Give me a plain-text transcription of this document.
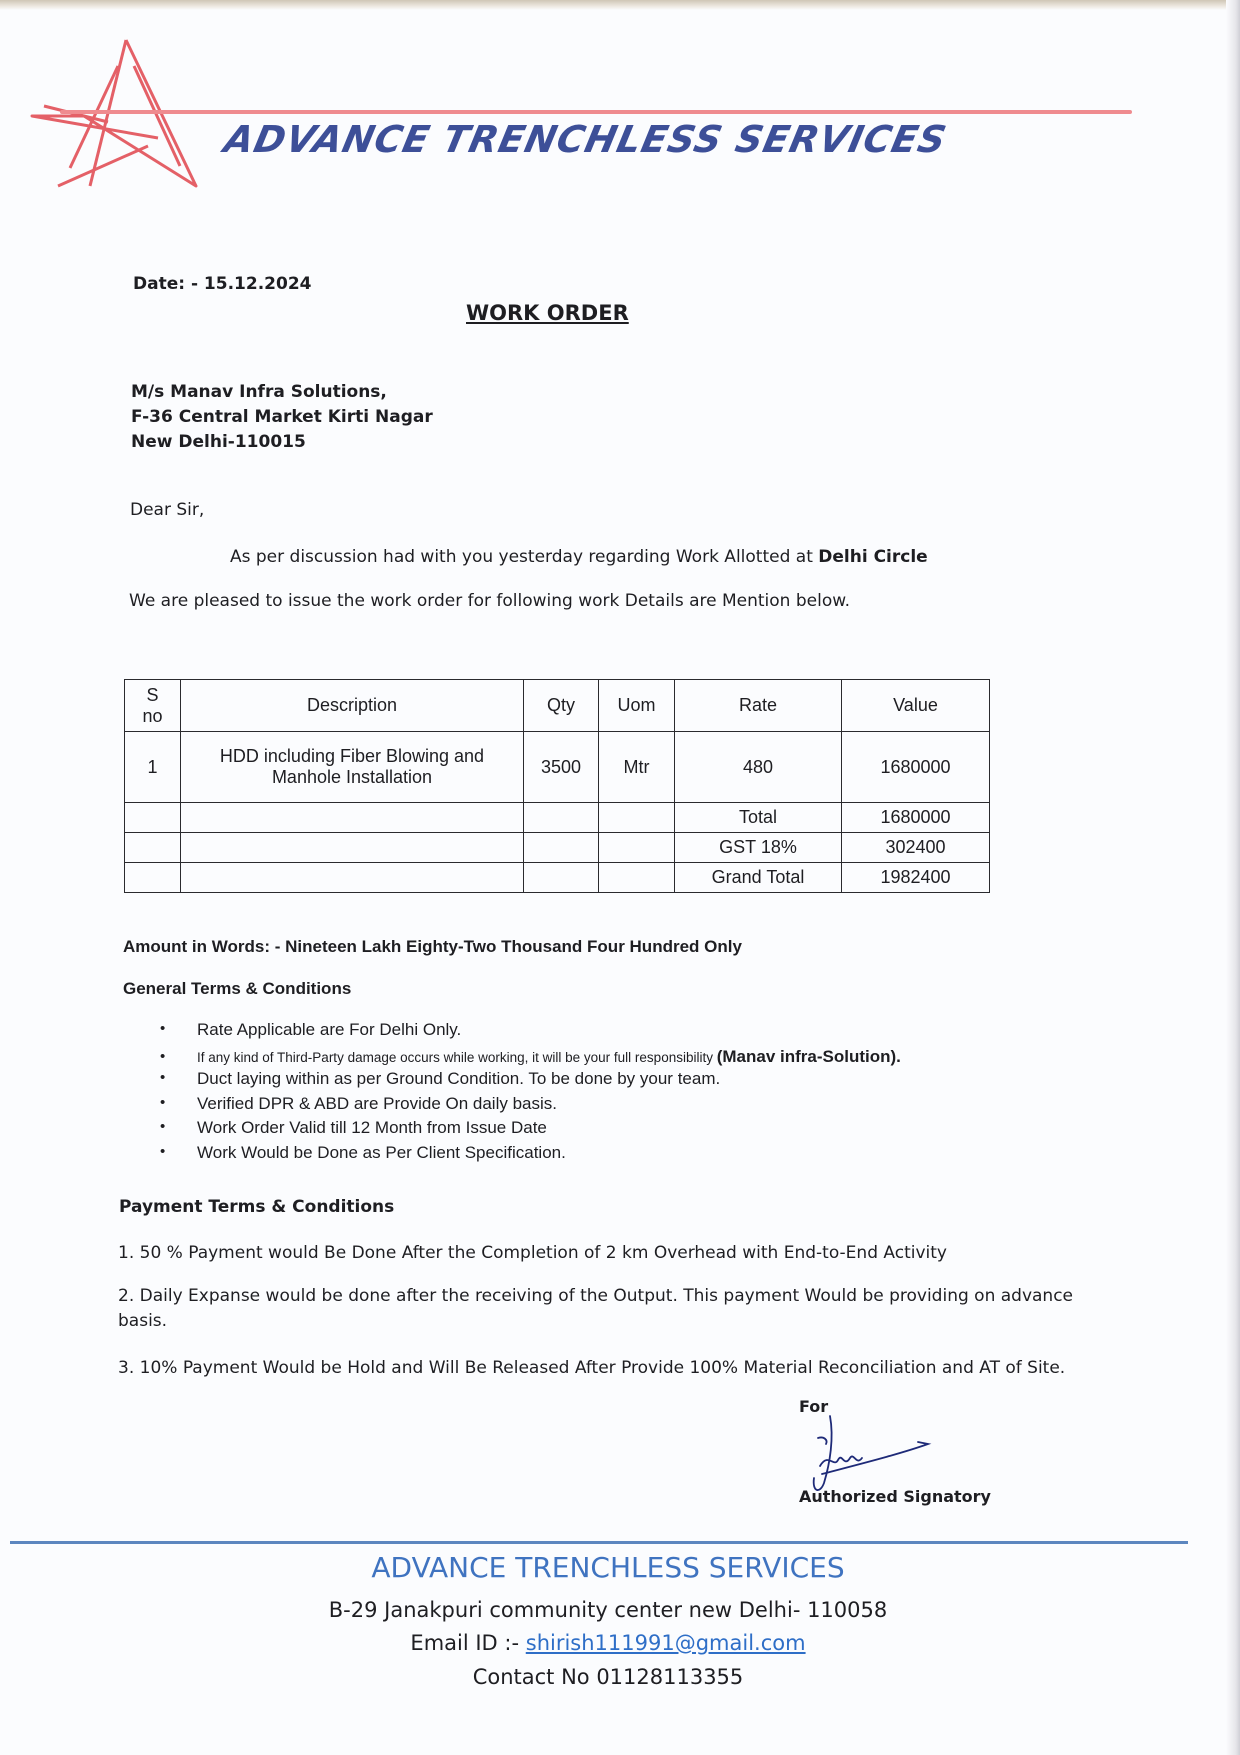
ADVANCE TRENCHLESS SERVICES

Date: - 15.12.2024

WORK ORDER

M/s Manav Infra Solutions,

F-36 Central Market Kirti Nagar

New Delhi-110015

Dear Sir,

As per discussion had with you yesterday regarding Work Allotted at Delhi Circle

We are pleased to issue the work order for following work Details are Mention below.

S
no	Description	Qty	Uom	Rate	Value
1	HDD including Fiber Blowing and
Manhole Installation	3500	Mtr	480	1680000
				Total	1680000
				GST 18%	302400
				Grand Total	1982400

Amount in Words: - Nineteen Lakh Eighty-Two Thousand Four Hundred Only

General Terms & Conditions

• Rate Applicable are For Delhi Only.
• If any kind of Third-Party damage occurs while working, it will be your full responsibility (Manav infra-Solution).
• Duct laying within as per Ground Condition. To be done by your team.
• Verified DPR & ABD are Provide On daily basis.
• Work Order Valid till 12 Month from Issue Date
• Work Would be Done as Per Client Specification.

Payment Terms & Conditions

1. 50 % Payment would Be Done After the Completion of 2 km Overhead with End-to-End Activity

2. Daily Expanse would be done after the receiving of the Output. This payment Would be providing on advance

basis.

3. 10% Payment Would be Hold and Will Be Released After Provide 100% Material Reconciliation and AT of Site.

For

Authorized Signatory

ADVANCE TRENCHLESS SERVICES

B-29 Janakpuri community center new Delhi- 110058

Email ID :- shirish111991@gmail.com

Contact No 01128113355
